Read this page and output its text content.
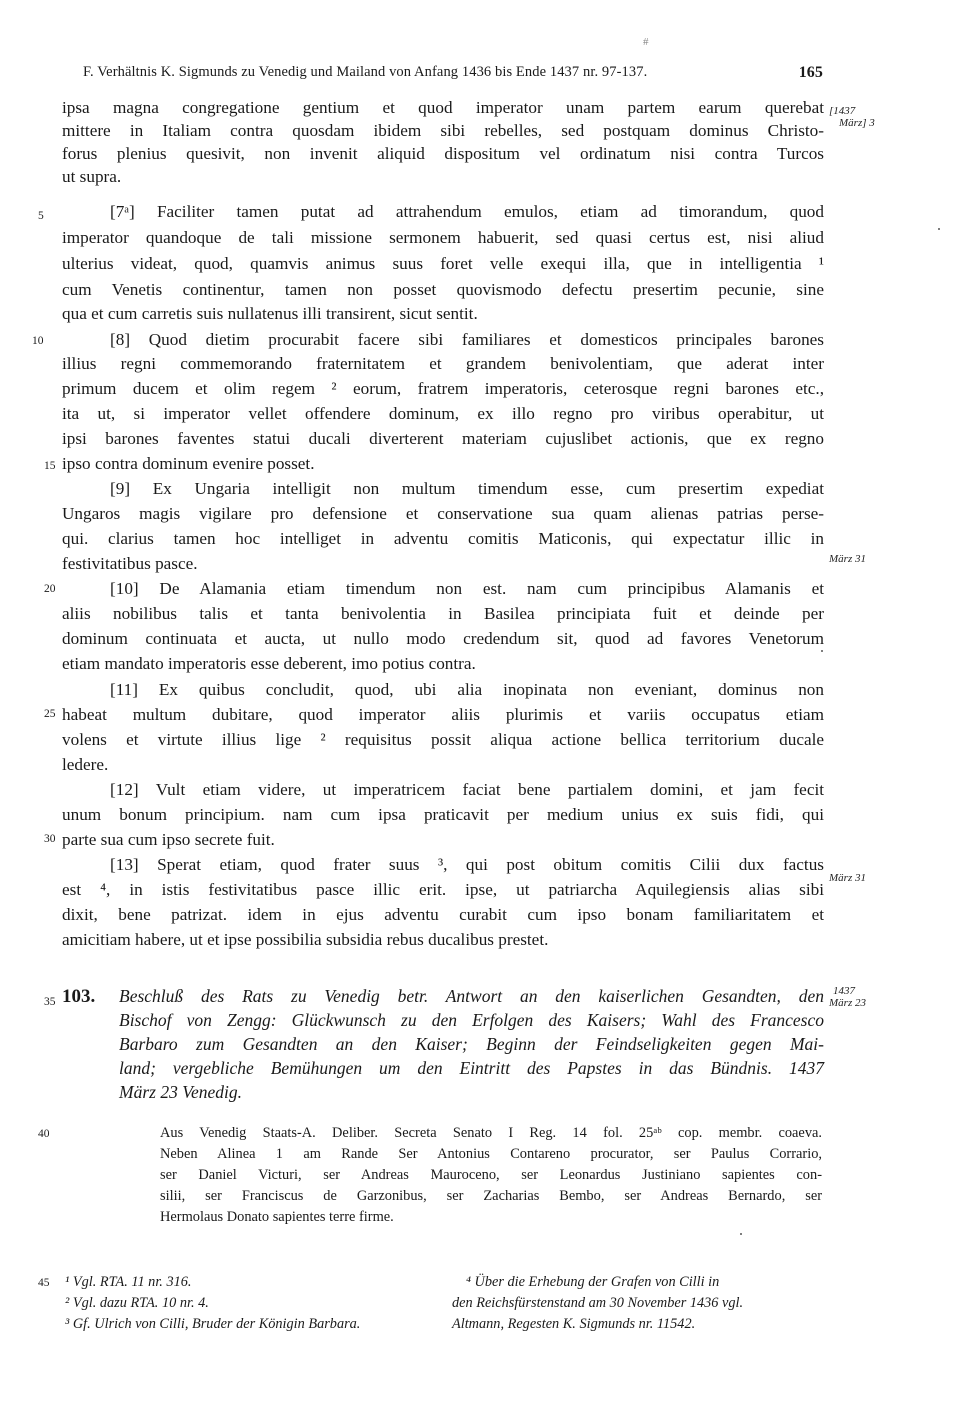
#
F. Verhältnis K. Sigmunds zu Venedig und Mailand von Anfang 1436 bis Ende 1437 nr. 97-137.	165
ipsa magna congregatione gentium et quod imperator unam partem earum querebat
mittere in Italiam contra quosdam ibidem sibi rebelles, sed postquam dominus Christo-
forus plenius quesivit, non invenit aliquid dispositum vel ordinatum nisi contra Turcos
ut supra.
[7ᵃ] Faciliter tamen putat ad attrahendum emulos, etiam ad timorandum, quod
imperator quandoque de tali missione sermonem habuerit, sed quasi certus est, nisi aliud
ulterius videat, quod, quamvis animus suus foret velle exequi illa, que in intelligentia ¹
cum Venetis continentur, tamen non posset quovismodo defectu presertim pecunie, sine
qua et cum carretis suis nullatenus illi transirent, sicut sentit.
[8] Quod dietim procurabit facere sibi familiares et domesticos principales barones
illius regni commemorando fraternitatem et grandem benivolentiam, que aderat inter
primum ducem et olim regem ² eorum, fratrem imperatoris, ceterosque regni barones etc.,
ita ut, si imperator vellet offendere dominum, ex illo regno pro viribus operabitur, ut
ipsi barones faventes statui ducali diverterent materiam cujuslibet actionis, que ex regno
ipso contra dominum evenire posset.
[9] Ex Ungaria intelligit non multum timendum esse, cum presertim expediat
Ungaros magis vigilare pro defensione et conservatione sua quam alienas patrias perse-
qui. clarius tamen hoc intelliget in adventu comitis Maticonis, qui expectatur illic in
festivitatibus pasce.
[10] De Alamania etiam timendum non est. nam cum principibus Alamanis et
aliis nobilibus talis et tanta benivolentia in Basilea principiata fuit et deinde per
dominum continuata et aucta, ut nullo modo credendum sit, quod ad favores Venetorum
etiam mandato imperatoris esse deberent, imo potius contra.
[11] Ex quibus concludit, quod, ubi alia inopinata non eveniant, dominus non
habeat multum dubitare, quod imperator aliis plurimis et variis occupatus etiam
volens et virtute illius lige ² requisitus possit aliqua actione bellica territorium ducale
ledere.
[12] Vult etiam videre, ut imperatricem faciat bene partialem domini, et jam fecit
unum bonum principium. nam cum ipsa praticavit per medium unius ex suis fidi, qui
parte sua cum ipso secrete fuit.
[13] Sperat etiam, quod frater suus ³, qui post obitum comitis Cilii dux factus
est ⁴, in istis festivitatibus pasce illic erit. ipse, ut patriarcha Aquilegiensis alias sibi
dixit, bene patrizat. idem in ejus adventu curabit cum ipso bonam familiaritatem et
amicitiam habere, ut et ipse possibilia subsidia rebus ducalibus prestet.
5
10
15
20
25
30
35
40
45
[1437
März] 3
März 31
März 31
1437
März 23
103. Beschluß des Rats zu Venedig betr. Antwort an den kaiserlichen Gesandten, den
Bischof von Zengg: Glückwunsch zu den Erfolgen des Kaisers; Wahl des Francesco
Barbaro zum Gesandten an den Kaiser; Beginn der Feindseligkeiten gegen Mai-
land; vergebliche Bemühungen um den Eintritt des Papstes in das Bündnis. 1437
März 23 Venedig.
Aus Venedig Staats-A. Deliber. Secreta Senato I Reg. 14 fol. 25ᵃᵇ cop. membr. coaeva.
Neben Alinea 1 am Rande Ser Antonius Contareno procurator, ser Paulus Corrario,
ser Daniel Victuri, ser Andreas Mauroceno, ser Leonardus Justiniano sapientes con-
silii, ser Franciscus de Garzonibus, ser Zacharias Bembo, ser Andreas Bernardo, ser
Hermolaus Donato sapientes terre firme.
¹ Vgl. RTA. 11 nr. 316.
² Vgl. dazu RTA. 10 nr. 4.
³ Gf. Ulrich von Cilli, Bruder der Königin Barbara.
⁴ Über die Erhebung der Grafen von Cilli in
den Reichsfürstenstand am 30 November 1436 vgl.
Altmann, Regesten K. Sigmunds nr. 11542.
